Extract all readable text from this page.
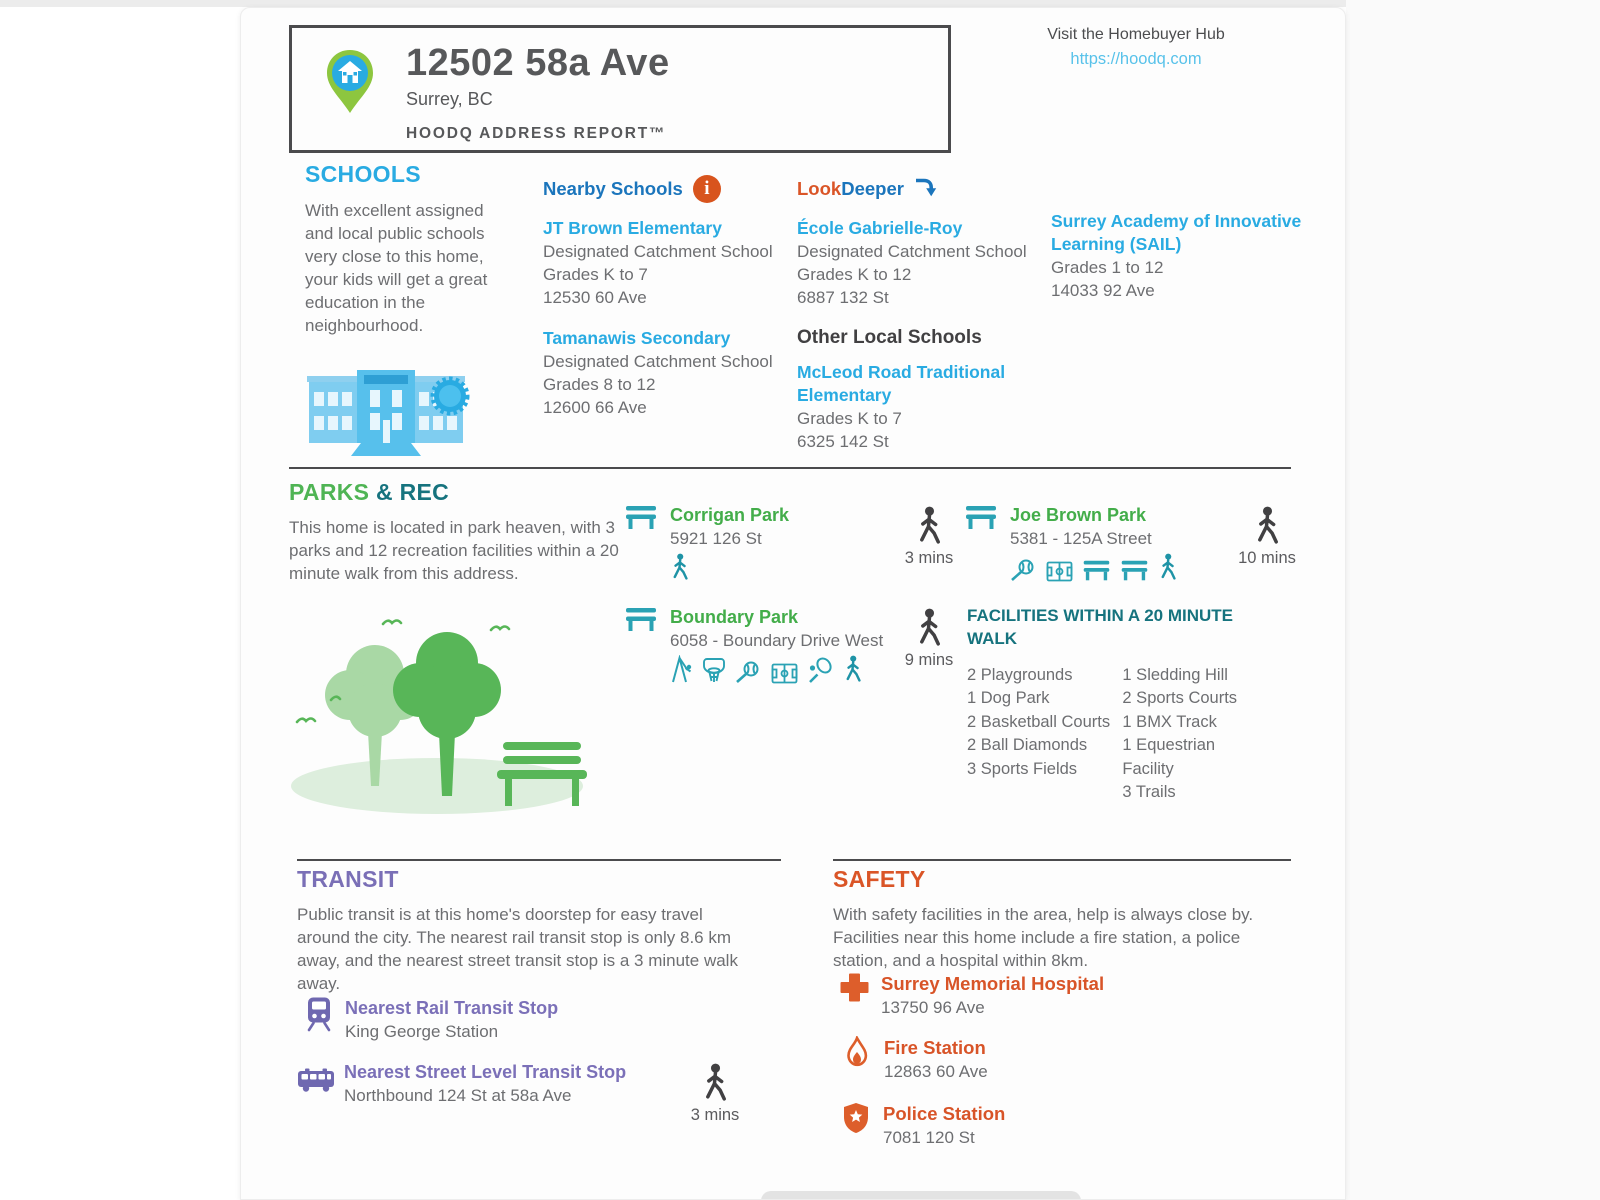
12502 58a Ave
Surrey, BC
HOODQ ADDRESS REPORT™
Visit the Homebuyer Hub
https://hoodq.com
SCHOOLS
With excellent assigned and local public schools very close to this home, your kids will get a great education in the neighbourhood.
Nearby Schools	i
JT Brown Elementary
Designated Catchment School
Grades K to 7
12530 60 Ave
Tamanawis Secondary
Designated Catchment School
Grades 8 to 12
12600 66 Ave
LookDeeper
École Gabrielle-Roy
Designated Catchment School
Grades K to 12
6887 132 St
Other Local Schools
McLeod Road Traditional Elementary
Grades K to 7
6325 142 St
Surrey Academy of Innovative Learning (SAIL)
Grades 1 to 12
14033 92 Ave
PARKS & REC
This home is located in park heaven, with 3 parks and 12 recreation facilities within a 20 minute walk from this address.
Corrigan Park
5921 126 St
3 mins
Joe Brown Park
5381 - 125A Street
10 mins
Boundary Park
6058 - Boundary Drive West
9 mins
FACILITIES WITHIN A 20 MINUTE WALK
2 Playgrounds
1 Dog Park
2 Basketball Courts
2 Ball Diamonds
3 Sports Fields
1 Sledding Hill
2 Sports Courts
1 BMX Track
1 Equestrian Facility
3 Trails
TRANSIT
Public transit is at this home's doorstep for easy travel around the city. The nearest rail transit stop is only 8.6 km away, and the nearest street transit stop is a 3 minute walk away.
Nearest Rail Transit Stop
King George Station
Nearest Street Level Transit Stop
Northbound 124 St at 58a Ave
3 mins
SAFETY
With safety facilities in the area, help is always close by. Facilities near this home include a fire station, a police station, and a hospital within 8km.
Surrey Memorial Hospital
13750 96 Ave
Fire Station
12863 60 Ave
Police Station
7081 120 St
